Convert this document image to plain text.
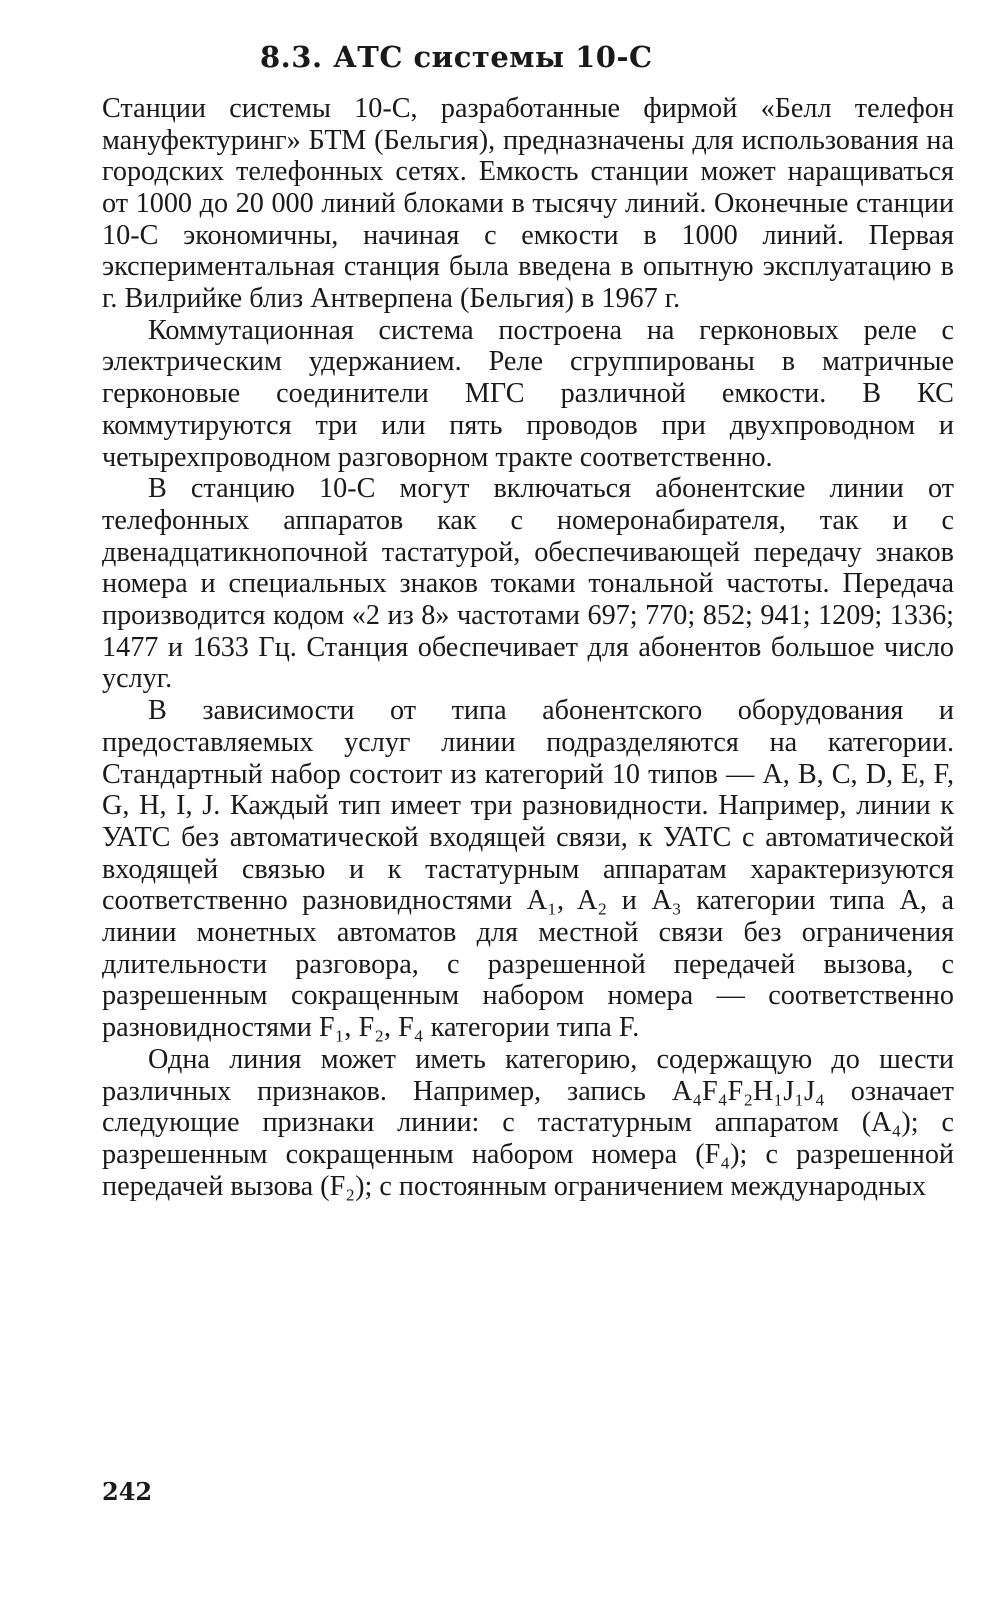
8.3. АТС системы 10-С

Станции системы 10-С, разработанные фирмой «Белл телефон мануфектуринг» БТМ (Бельгия), предназначены для использования на городских телефонных сетях. Емкость станции может наращиваться от 1000 до 20 000 линий блоками в тысячу линий. Оконечные станции 10-С экономичны, начиная с емкости в 1000 линий. Первая экспериментальная станция была введена в опытную эксплуатацию в г. Вилрийке близ Антверпена (Бельгия) в 1967 г.

Коммутационная система построена на герконовых реле с электрическим удержанием. Реле сгруппированы в матричные герконовые соединители МГС различной емкости. В КС коммутируются три или пять проводов при двухпроводном и четырехпроводном разговорном тракте соответственно.

В станцию 10-С могут включаться абонентские линии от телефонных аппаратов как с номеронабирателя, так и с двенадцатикнопочной тастатурой, обеспечивающей передачу знаков номера и специальных знаков токами тональной частоты. Передача производится кодом «2 из 8» частотами 697; 770; 852; 941; 1209; 1336; 1477 и 1633 Гц. Станция обеспечивает для абонентов большое число услуг.

В зависимости от типа абонентского оборудования и предоставляемых услуг линии подразделяются на категории. Стандартный набор состоит из категорий 10 типов — A, B, C, D, E, F, G, H, I, J. Каждый тип имеет три разновидности. Например, линии к УАТС без автоматической входящей связи, к УАТС с автоматической входящей связью и к тастатурным аппаратам характеризуются соответственно разновидностями A₁, A₂ и A₃ категории типа A, а линии монетных автоматов для местной связи без ограничения длительности разговора, с разрешенной передачей вызова, с разрешенным сокращенным набором номера — соответственно разновидностями F₁, F₂, F₄ категории типа F.

Одна линия может иметь категорию, содержащую до шести различных признаков. Например, запись A₄F₄F₂H₁J₁J₄ означает следующие признаки линии: с тастатурным аппаратом (A₄); с разрешенным сокращенным набором номера (F₄); с разрешенной передачей вызова (F₂); с постоянным ограничением международных

242
